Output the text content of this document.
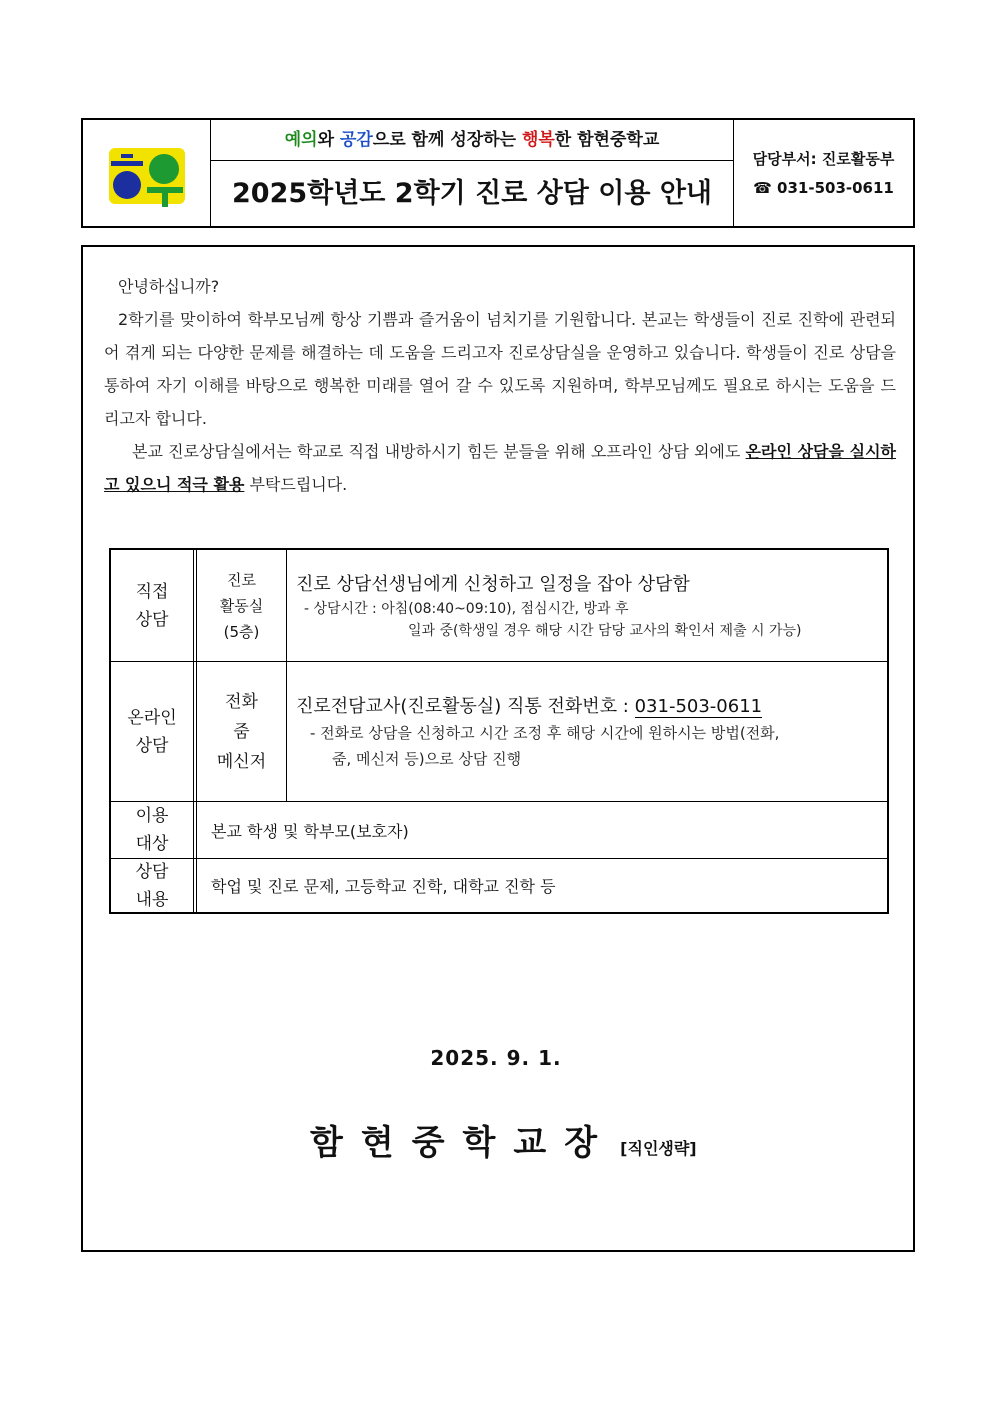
예의와 공감으로 함께 성장하는 행복한 함현중학교
2025학년도 2학기 진로 상담 이용 안내
담당부서: 진로활동부
☎ 031-503-0611

안녕하십니까?

2학기를 맞이하여 학부모님께 항상 기쁨과 즐거움이 넘치기를 기원합니다. 본교는 학생들이 진로 진학에 관련되어 겪게 되는 다양한 문제를 해결하는 데 도움을 드리고자 진로상담실을 운영하고 있습니다. 학생들이 진로 상담을 통하여 자기 이해를 바탕으로 행복한 미래를 열어 갈 수 있도록 지원하며, 학부모님께도 필요로 하시는 도움을 드리고자 합니다.

본교 진로상담실에서는 학교로 직접 내방하시기 힘든 분들을 위해 오프라인 상담 외에도 온라인 상담을 실시하고 있으니 적극 활용 부탁드립니다.

직접
상담
진로
활동실
(5층)
진로 상담선생님에게 신청하고 일정을 잡아 상담함
- 상담시간 : 아침(08:40~09:10), 점심시간, 방과 후
일과 중(학생일 경우 해당 시간 담당 교사의 확인서 제출 시 가능)
온라인
상담
전화
줌
메신저
진로전담교사(진로활동실) 직통 전화번호 : 031-503-0611
- 전화로 상담을 신청하고 시간 조정 후 해당 시간에 원하시는 방법(전화,
줌, 메신저 등)으로 상담 진행
이용
대상
본교 학생 및 학부모(보호자)
상담
내용
학업 및 진로 문제, 고등학교 진학, 대학교 진학 등
2025. 9. 1.
함현중학교장 [직인생략]
